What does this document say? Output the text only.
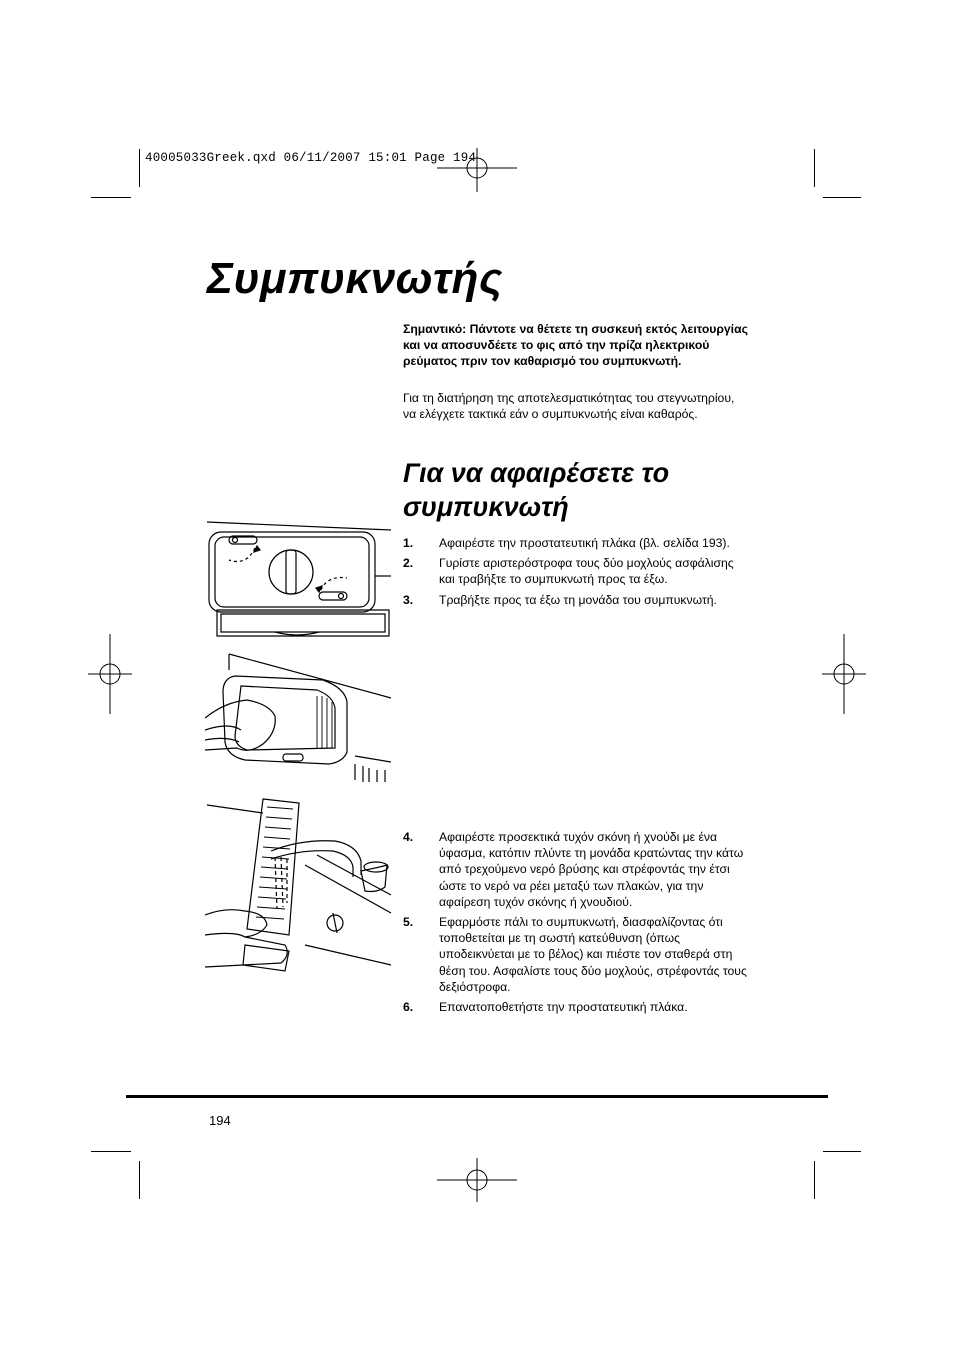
40005033Greek.qxd 06/11/2007 15:01 Page 194
Συμπυκνωτής
Σημαντικό: Πάντοτε να θέτετε τη συσκευή εκτός λειτουργίας και να αποσυνδέετε το φις από την πρίζα ηλεκτρικού ρεύματος πριν τον καθαρισμό του συμπυκνωτή.
Για τη διατήρηση της αποτελεσματικότητας του στεγνωτηρίου, να ελέγχετε τακτικά εάν ο συμπυκνωτής είναι καθαρός.
Για να αφαιρέσετε το συμπυκνωτή
1.	Αφαιρέστε την προστατευτική πλάκα (βλ. σελίδα 193).
2.	Γυρίστε αριστερόστροφα τους δύο μοχλούς ασφάλισης και τραβήξτε το συμπυκνωτή προς τα έξω.
3.	Τραβήξτε προς τα έξω τη μονάδα του συμπυκνωτή.
4.	Αφαιρέστε προσεκτικά τυχόν σκόνη ή χνούδι με ένα ύφασμα, κατόπιν πλύντε τη μονάδα κρατώντας την κάτω από τρεχούμενο νερό βρύσης και στρέφοντάς την έτσι ώστε το νερό να ρέει μεταξύ των πλακών, για την αφαίρεση τυχόν σκόνης ή χνουδιού.
5.	Εφαρμόστε πάλι το συμπυκνωτή, διασφαλίζοντας ότι τοποθετείται με τη σωστή κατεύθυνση (όπως υποδεικνύεται με το βέλος) και πιέστε τον σταθερά στη θέση του. Ασφαλίστε τους δύο μοχλούς, στρέφοντάς τους δεξιόστροφα.
6.	Επανατοποθετήστε την προστατευτική πλάκα.
194
